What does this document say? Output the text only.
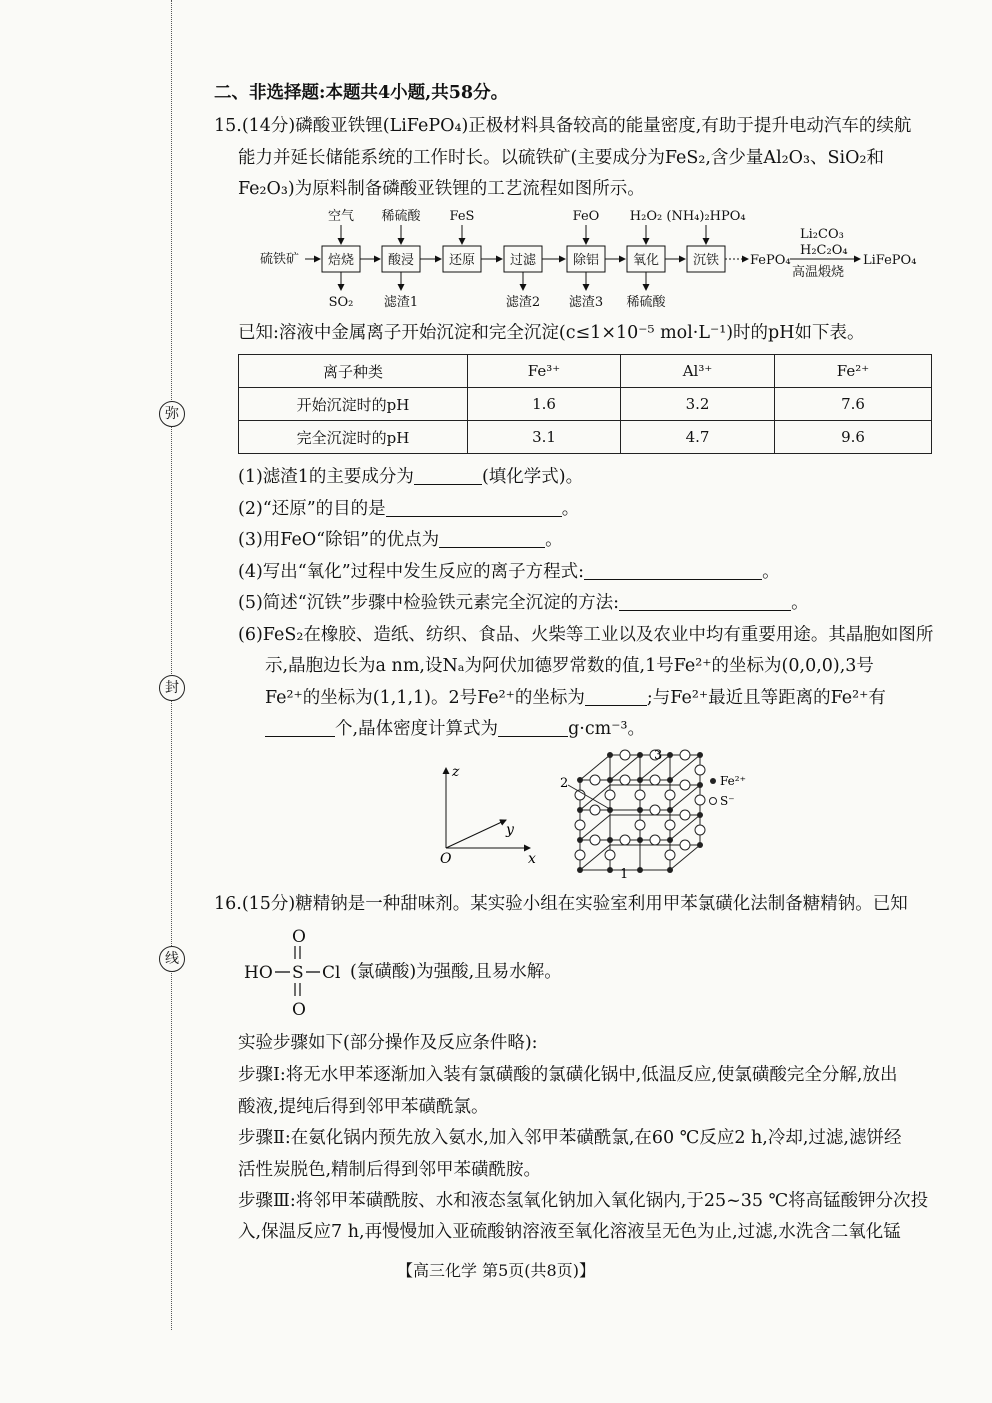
弥
封
线
二、非选择题:本题共4小题,共58分。
15.(14分)磷酸亚铁锂(LiFePO₄)正极材料具备较高的能量密度,有助于提升电动汽车的续航
能力并延长储能系统的工作时长。以硫铁矿(主要成分为FeS₂,含少量Al₂O₃、SiO₂和
Fe₂O₃)为原料制备磷酸亚铁锂的工艺流程如图所示。
硫铁矿 焙烧	酸浸	还原	过滤	除铝	氧化	沉铁 FePO₄
Li₂CO₃
H₂C₂O₄
高温煅烧
LiFePO₄
空气 稀硫酸 FeS	FeO H₂O₂ (NH₄)₂HPO₄
SO₂ 滤渣1	滤渣2 滤渣3 稀硫酸
已知:溶液中金属离子开始沉淀和完全沉淀(c≤1×10⁻⁵ mol·L⁻¹)时的pH如下表。
离子种类	Fe³⁺	Al³⁺	Fe²⁺
开始沉淀时的pH	1.6	3.2	7.6
完全沉淀时的pH	3.1	4.7	9.6
(1)滤渣1的主要成分为	(填化学式)。
(2)“还原”的目的是	。
(3)用FeO“除铝”的优点为	。
(4)写出“氧化”过程中发生反应的离子方程式:	。
(5)简述“沉铁”步骤中检验铁元素完全沉淀的方法:	。
(6)FeS₂在橡胶、造纸、纺织、食品、火柴等工业以及农业中均有重要用途。其晶胞如图所
示,晶胞边长为a nm,设Nₐ为阿伏加德罗常数的值,1号Fe²⁺的坐标为(0,0,0),3号
Fe²⁺的坐标为(1,1,1)。2号Fe²⁺的坐标为	;与Fe²⁺最近且等距离的Fe²⁺有
个,晶体密度计算式为	g·cm⁻³。
z
y
O	x
2
3
1
Fe²⁺
S⁻
16.(15分)糖精钠是一种甜味剂。某实验小组在实验室利用甲苯氯磺化法制备糖精钠。已知
HO S Cl
O
O
(氯磺酸)为强酸,且易水解。
实验步骤如下(部分操作及反应条件略):
步骤Ⅰ:将无水甲苯逐渐加入装有氯磺酸的氯磺化锅中,低温反应,使氯磺酸完全分解,放出
酸液,提纯后得到邻甲苯磺酰氯。
步骤Ⅱ:在氨化锅内预先放入氨水,加入邻甲苯磺酰氯,在60 ℃反应2 h,冷却,过滤,滤饼经
活性炭脱色,精制后得到邻甲苯磺酰胺。
步骤Ⅲ:将邻甲苯磺酰胺、水和液态氢氧化钠加入氧化锅内,于25~35 ℃将高锰酸钾分次投
入,保温反应7 h,再慢慢加入亚硫酸钠溶液至氧化溶液呈无色为止,过滤,水洗含二氧化锰
【高三化学 第5页(共8页)】
